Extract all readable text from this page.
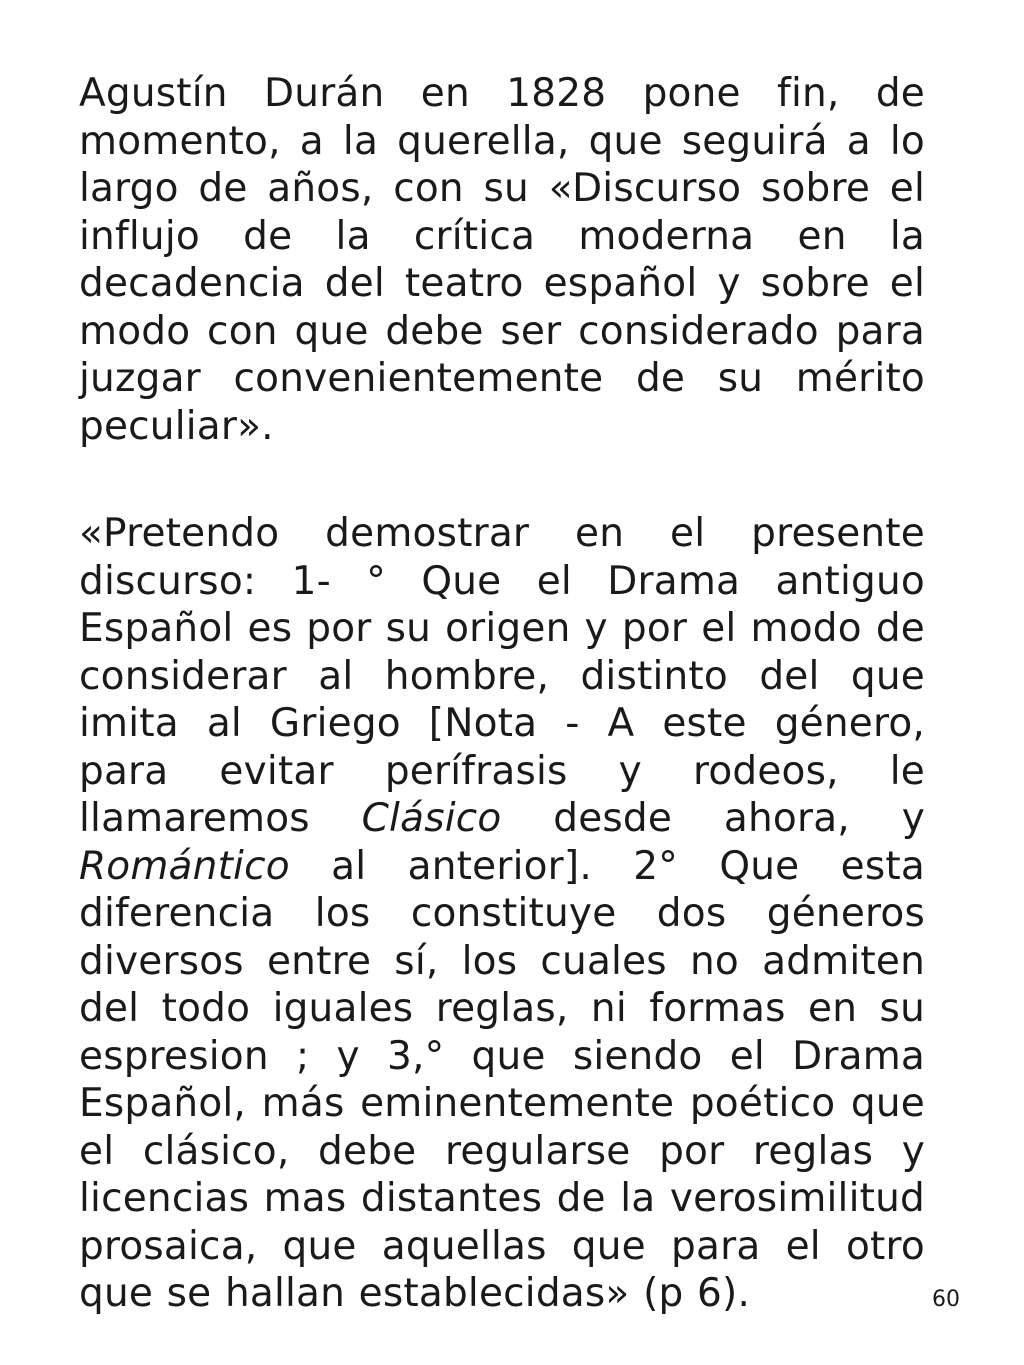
Agustín Durán en 1828 pone fin, de momento, a la querella, que seguirá a lo largo de años, con su «Discurso sobre el influjo de la crítica moderna en la decadencia del teatro español y sobre el modo con que debe ser considerado para juzgar convenientemente de su mérito peculiar».

«Pretendo demostrar en el presente discurso: 1- ° Que el Drama antiguo Español es por su origen y por el modo de considerar al hombre, distinto del que imita al Griego [Nota - A este género, para evitar perífrasis y rodeos, le llamaremos Clásico desde ahora, y Romántico al anterior]. 2° Que esta diferencia los constituye dos géneros diversos entre sí, los cuales no admiten del todo iguales reglas, ni formas en su espresion ; y 3,° que siendo el Drama Español, más eminentemente poético que el clásico, debe regularse por reglas y licencias mas distantes de la verosimilitud prosaica, que aquellas que para el otro que se hallan establecidas» (p 6).	60
